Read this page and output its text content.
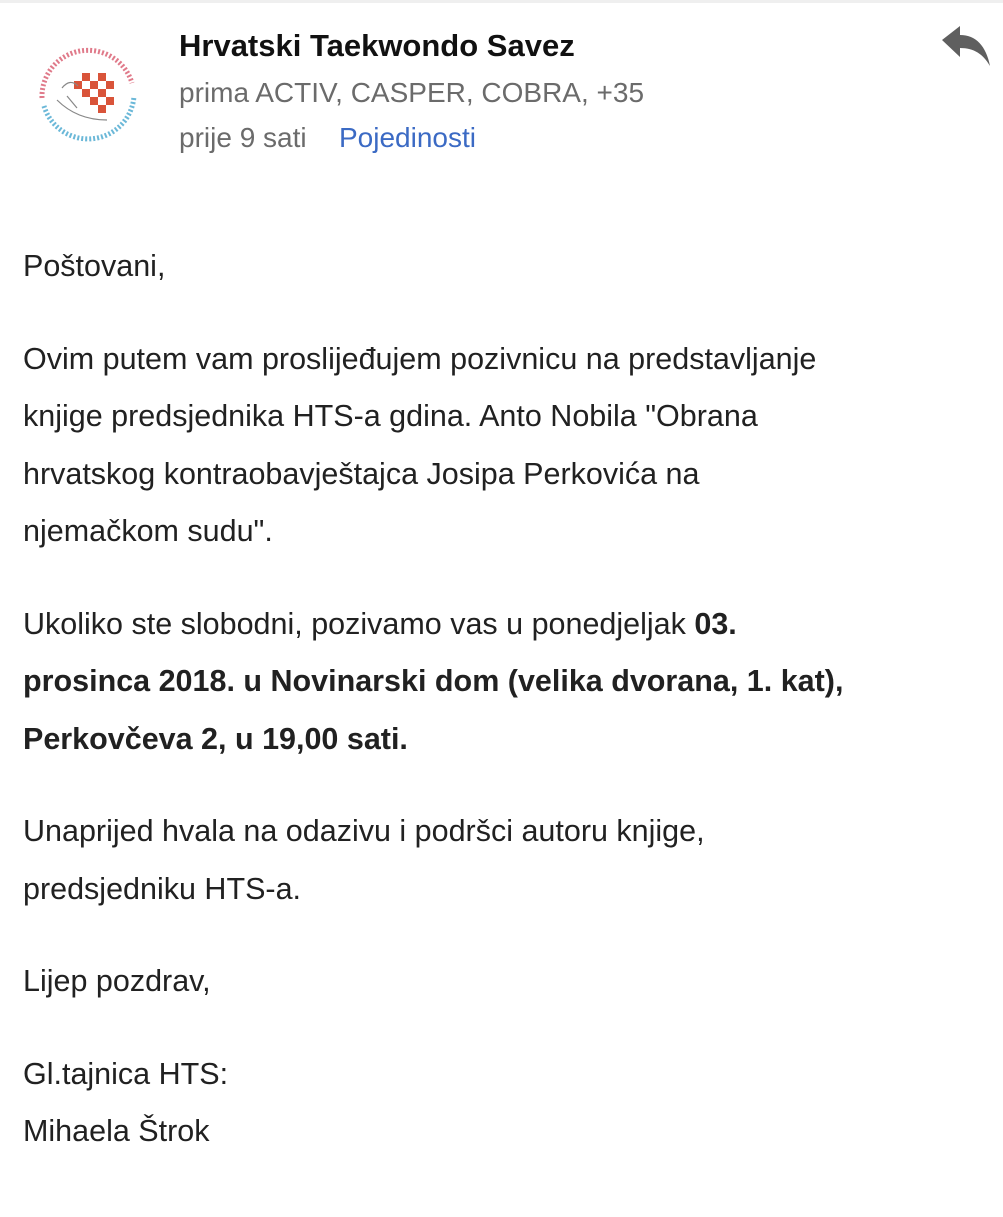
Hrvatski Taekwondo Savez
prima ACTIV, CASPER, COBRA, +35
prije 9 sati Pojedinosti

Poštovani,

Ovim putem vam proslijeđujem pozivnicu na predstavljanje
knjige predsjednika HTS-a gdina. Anto Nobila "Obrana
hrvatskog kontraobavještajca Josipa Perkovića na
njemačkom sudu".

Ukoliko ste slobodni, pozivamo vas u ponedjeljak 03.
prosinca 2018. u Novinarski dom (velika dvorana, 1. kat),
Perkovčeva 2, u 19,00 sati.

Unaprijed hvala na odazivu i podršci autoru knjige,
predsjedniku HTS-a.

Lijep pozdrav,

Gl.tajnica HTS:
Mihaela Štrok
